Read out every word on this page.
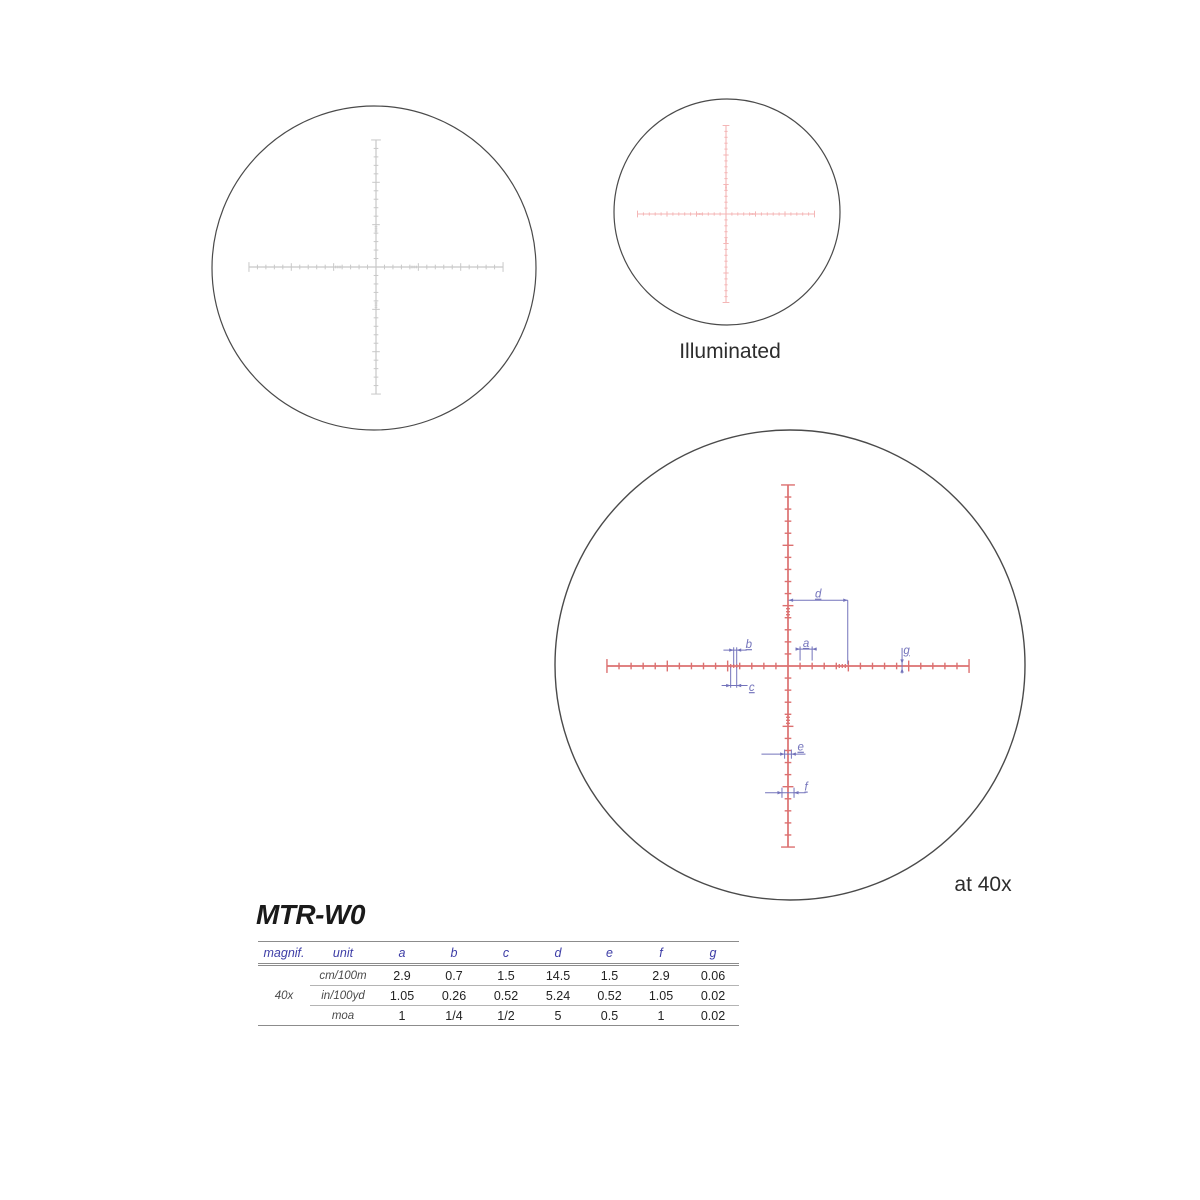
a
b
c
d
e
f
g
Illuminated
at 40x
MTR-W0
magnif.	unit	a	b	c	d	e	f	g
40x	cm/100m	2.9	0.7	1.5	14.5	1.5	2.9	0.06
	in/100yd	1.05	0.26	0.52	5.24	0.52	1.05	0.02
	moa	1	1/4	1/2	5	0.5	1	0.02
